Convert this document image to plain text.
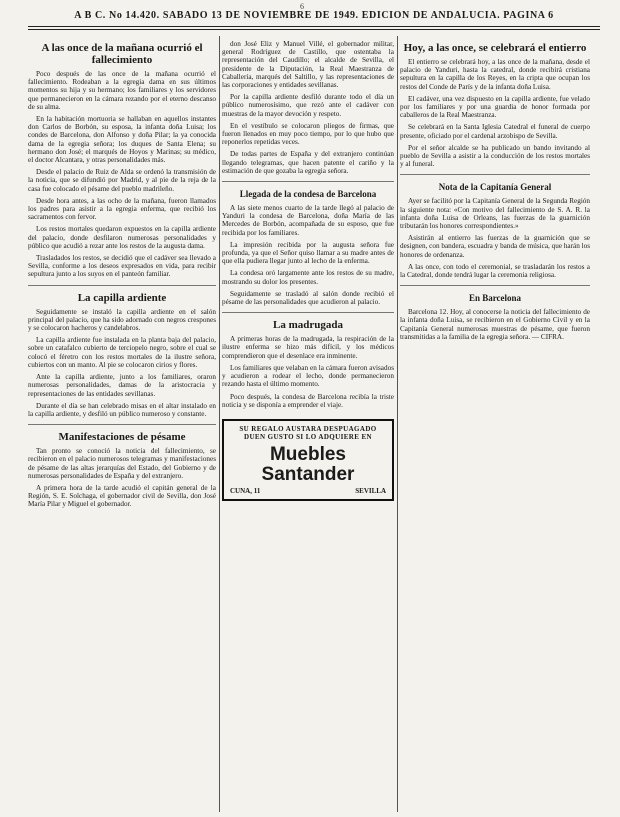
6
A B C. No 14.420. SABADO 13 DE NOVIEMBRE DE 1949. EDICION DE ANDALUCIA. PAGINA 6
A las once de la mañana ocurrió el fallecimiento

Poco después de las once de la mañana ocurrió el fallecimiento. Rodeaban a la egregia dama en sus últimos momentos su hija y su hermano; los familiares y los servidores que permanecieron en la cámara rezando por el eterno descanso de su alma.

En la habitación mortuoria se hallaban en aquellos instantes don Carlos de Borbón, su esposa, la infanta doña Luisa; los condes de Barcelona, don Alfonso y doña Pilar; la ya conocida dama de la egregia señora; los duques de Santa Elena; su hermano don José; el marqués de Hoyos y Marinas; su médico, el doctor Alcantara, y otras personalidades más.

Desde el palacio de Ruiz de Alda se ordenó la transmisión de la noticia, que se difundió por Madrid, y al pie de la reja de la casa fue colocado el pésame del pueblo madrileño.

Desde hora antes, a las ocho de la mañana, fueron llamados los padres para asistir a la egregia enferma, que recibió los sacramentos con fervor.

Los restos mortales quedaron expuestos en la capilla ardiente del palacio, donde desfilaron numerosas personalidades y público que acudió a rezar ante los restos de la augusta dama.

Trasladados los restos, se decidió que el cadáver sea llevado a Sevilla, conforme a los deseos expresados en vida, para recibir sepultura junto a los suyos en el panteón familiar.

La capilla ardiente

Seguidamente se instaló la capilla ardiente en el salón principal del palacio, que ha sido adornado con negros crespones y se colocaron hacheros y candelabros.

La capilla ardiente fue instalada en la planta baja del palacio, sobre un catafalco cubierto de terciopelo negro, sobre el cual se colocó el féretro con los restos mortales de la ilustre señora, cubiertos con un manto. Al pie se colocaron cirios y flores.

Ante la capilla ardiente, junto a los familiares, oraron numerosas personalidades, damas de la aristocracia y representaciones de las entidades sevillanas.

Durante el día se han celebrado misas en el altar instalado en la capilla ardiente, y desfiló un público numeroso y constante.

Manifestaciones de pésame

Tan pronto se conoció la noticia del fallecimiento, se recibieron en el palacio numerosos telegramas y manifestaciones de pésame de las altas jerarquías del Estado, del Gobierno y de numerosas personalidades de España y del extranjero.

A primera hora de la tarde acudió el capitán general de la Región, S. E. Solchaga, el gobernador civil de Sevilla, don José María Pilar y Miguel el gobernador.

don José Eliz y Manuel Villé, el gobernador militar, general Rodríguez de Castillo, que ostentaba la representación del Caudillo; el alcalde de Sevilla, el presidente de la Diputación, la Real Maestranza de Caballería, marqués del Saltillo, y las representaciones de las corporaciones y entidades sevillanas.

Por la capilla ardiente desfiló durante todo el día un público numerosísimo, que rezó ante el cadáver con muestras de la mayor devoción y respeto.

En el vestíbulo se colocaron pliegos de firmas, que fueron llenados en muy poco tiempo, por lo que hubo que reponerlos repetidas veces.

De todas partes de España y del extranjero continúan llegando telegramas, que hacen patente el cariño y la estimación de que gozaba la egregia señora.

Llegada de la condesa de Barcelona

A las siete menos cuarto de la tarde llegó al palacio de Yanduri la condesa de Barcelona, doña María de las Mercedes de Borbón, acompañada de su esposo, que fue recibida por los familiares.

La impresión recibida por la augusta señora fue profunda, ya que el Señor quiso llamar a su madre antes de que ella pudiera llegar junto al lecho de la enferma.

La condesa oró largamente ante los restos de su madre, mostrando su dolor los presentes.

Seguidamente se trasladó al salón donde recibió el pésame de las personalidades que acudieron al palacio.

La madrugada

A primeras horas de la madrugada, la respiración de la ilustre enferma se hizo más difícil, y los médicos comprendieron que el desenlace era inminente.

Los familiares que velaban en la cámara fueron avisados y acudieron a rodear el lecho, donde permanecieron rezando hasta el último momento.

Poco después, la condesa de Barcelona recibía la triste noticia y se disponía a emprender el viaje.

SU REGALO AUSTARA DESPUAGADO
DUEN GUSTO SI LO ADQUIERE EN
Muebles Santander
CUNA, 11	SEVILLA
Hoy, a las once, se celebrará el entierro

El entierro se celebrará hoy, a las once de la mañana, desde el palacio de Yanduri, hasta la catedral, donde recibirá cristiana sepultura en la capilla de los Reyes, en la cripta que ocupan los restos del Conde de París y de la infanta doña Luisa.

El cadáver, una vez dispuesto en la capilla ardiente, fue velado por los familiares y por una guardia de honor formada por caballeros de la Real Maestranza.

Se celebrará en la Santa Iglesia Catedral el funeral de cuerpo presente, oficiado por el cardenal arzobispo de Sevilla.

Por el señor alcalde se ha publicado un bando invitando al pueblo de Sevilla a asistir a la conducción de los restos mortales y al funeral.

Nota de la Capitanía General

Ayer se facilitó por la Capitanía General de la Segunda Región la siguiente nota: «Con motivo del fallecimiento de S. A. R. la infanta doña Luisa de Orleans, las fuerzas de la guarnición tributarán los honores correspondientes.»

Asistirán al entierro las fuerzas de la guarnición que se designen, con bandera, escuadra y banda de música, que harán los honores de ordenanza.

A las once, con todo el ceremonial, se trasladarán los restos a la Catedral, donde tendrá lugar la ceremonia religiosa.

En Barcelona

Barcelona 12. Hoy, al conocerse la noticia del fallecimiento de la infanta doña Luisa, se recibieron en el Gobierno Civil y en la Capitanía General numerosas muestras de pésame, que fueron transmitidas a la familia de la egregia señora. — CIFRA.
